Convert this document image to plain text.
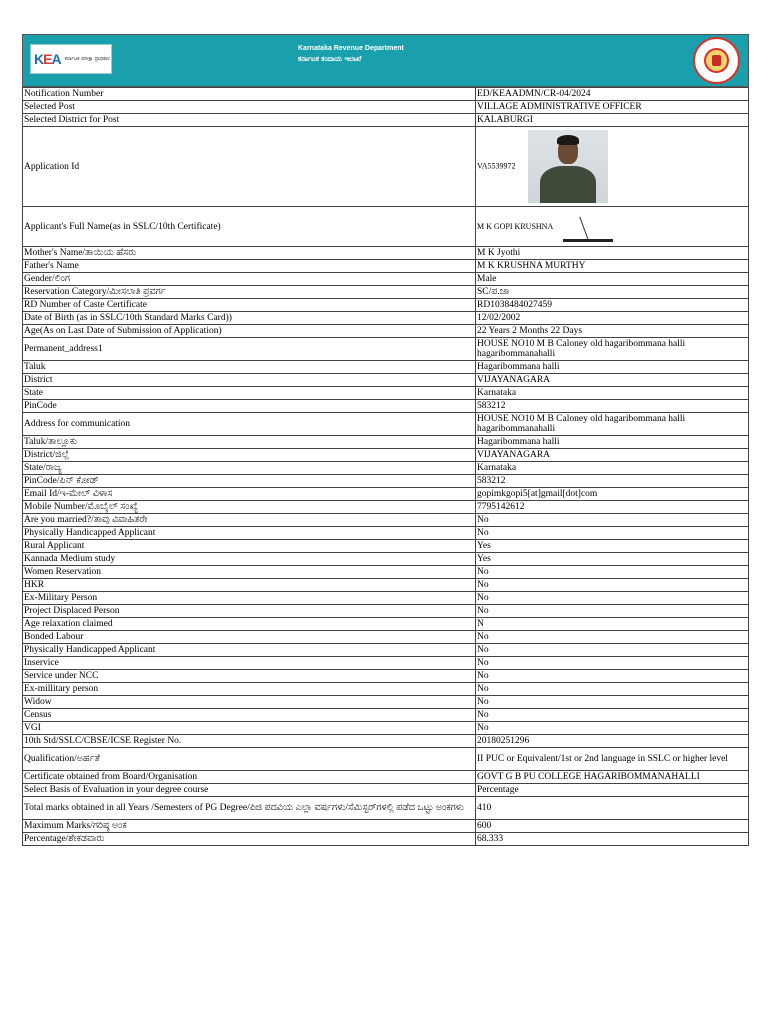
KEA ಕರ್ನಾಟಕ ಪರೀಕ್ಷಾ ಪ್ರಾಧಿಕಾರ
Karnataka Revenue Department
ಕರ್ನಾಟಕ ಕಂದಾಯ ಇಲಾಖೆ
Notification Number	ED/KEAADMN/CR-04/2024
Selected Post	VILLAGE ADMINISTRATIVE OFFICER
Selected District for Post	KALABURGI
Application Id	VA5539972

Applicant's Full Name(as in SSLC/10th Certificate)	M K GOPI KRUSHNA

Mother's Name/ತಾಯಿಯ ಹೆಸರು	M K Jyothi
Father's Name	M K KRUSHNA MURTHY
Gender/ಲಿಂಗ	Male
Reservation Category/ಮೀಸಲಾತಿ ಪ್ರವರ್ಗ	SC/ಪ.ಜಾ
RD Number of Caste Certificate	RD1038484027459
Date of Birth (as in SSLC/10th Standard Marks Card))	12/02/2002
Age(As on Last Date of Submission of Application)	22 Years 2 Months 22 Days
Permanent_address1	HOUSE NO10 M B Caloney old hagaribommana halli hagaribommanahalli
Taluk	Hagaribommana halli
District	VIJAYANAGARA
State	Karnataka
PinCode	583212
Address for communication	HOUSE NO10 M B Caloney old hagaribommana halli hagaribommanahalli
Taluk/ತಾಲ್ಲೂಕು	Hagaribommana halli
District/ಜಿಲ್ಲೆ	VIJAYANAGARA
State/ರಾಜ್ಯ	Karnataka
PinCode/ಪಿನ್ ಕೋಡ್	583212
Email Id/ಇ-ಮೇಲ್ ವಿಳಾಸ	gopimkgopi5[at]gmail[dot]com
Mobile Number/ಮೊಬೈಲ್ ಸಂಖ್ಯೆ	7795142612
Are you married?/ತಾವು ವಿವಾಹಿತರೇ	No
Physically Handicapped Applicant	No
Rural Applicant	Yes
Kannada Medium study	Yes
Women Reservation	No
HKR	No
Ex-Military Person	No
Project Displaced Person	No
Age relaxation claimed	N
Bonded Labour	No
Physically Handicapped Applicant	No
Inservice	No
Service under NCC	No
Ex-millitary person	No
Widow	No
Census	No
VGI	No
10th Std/SSLC/CBSE/ICSE Register No.	20180251296
Qualification/ಅರ್ಹತೆ	II PUC or Equivalent/1st or 2nd language in SSLC or higher level
Certificate obtained from Board/Organisation	GOVT G B PU COLLEGE HAGARIBOMMANAHALLI
Select Basis of Evaluation in your degree course	Percentage
Total marks obtained in all Years /Semesters of PG Degree/ಪಿಜಿ ಪದವಿಯ ಎಲ್ಲಾ ವರ್ಷಗಳು/ಸೆಮಿಸ್ಟರ್‌ಗಳಲ್ಲಿ ಪಡೆದ ಒಟ್ಟು ಅಂಕಗಳು	410
Maximum Marks/ಗರಿಷ್ಠ ಅಂಕ	600
Percentage/ಶೇಕಡವಾರು	68.333
